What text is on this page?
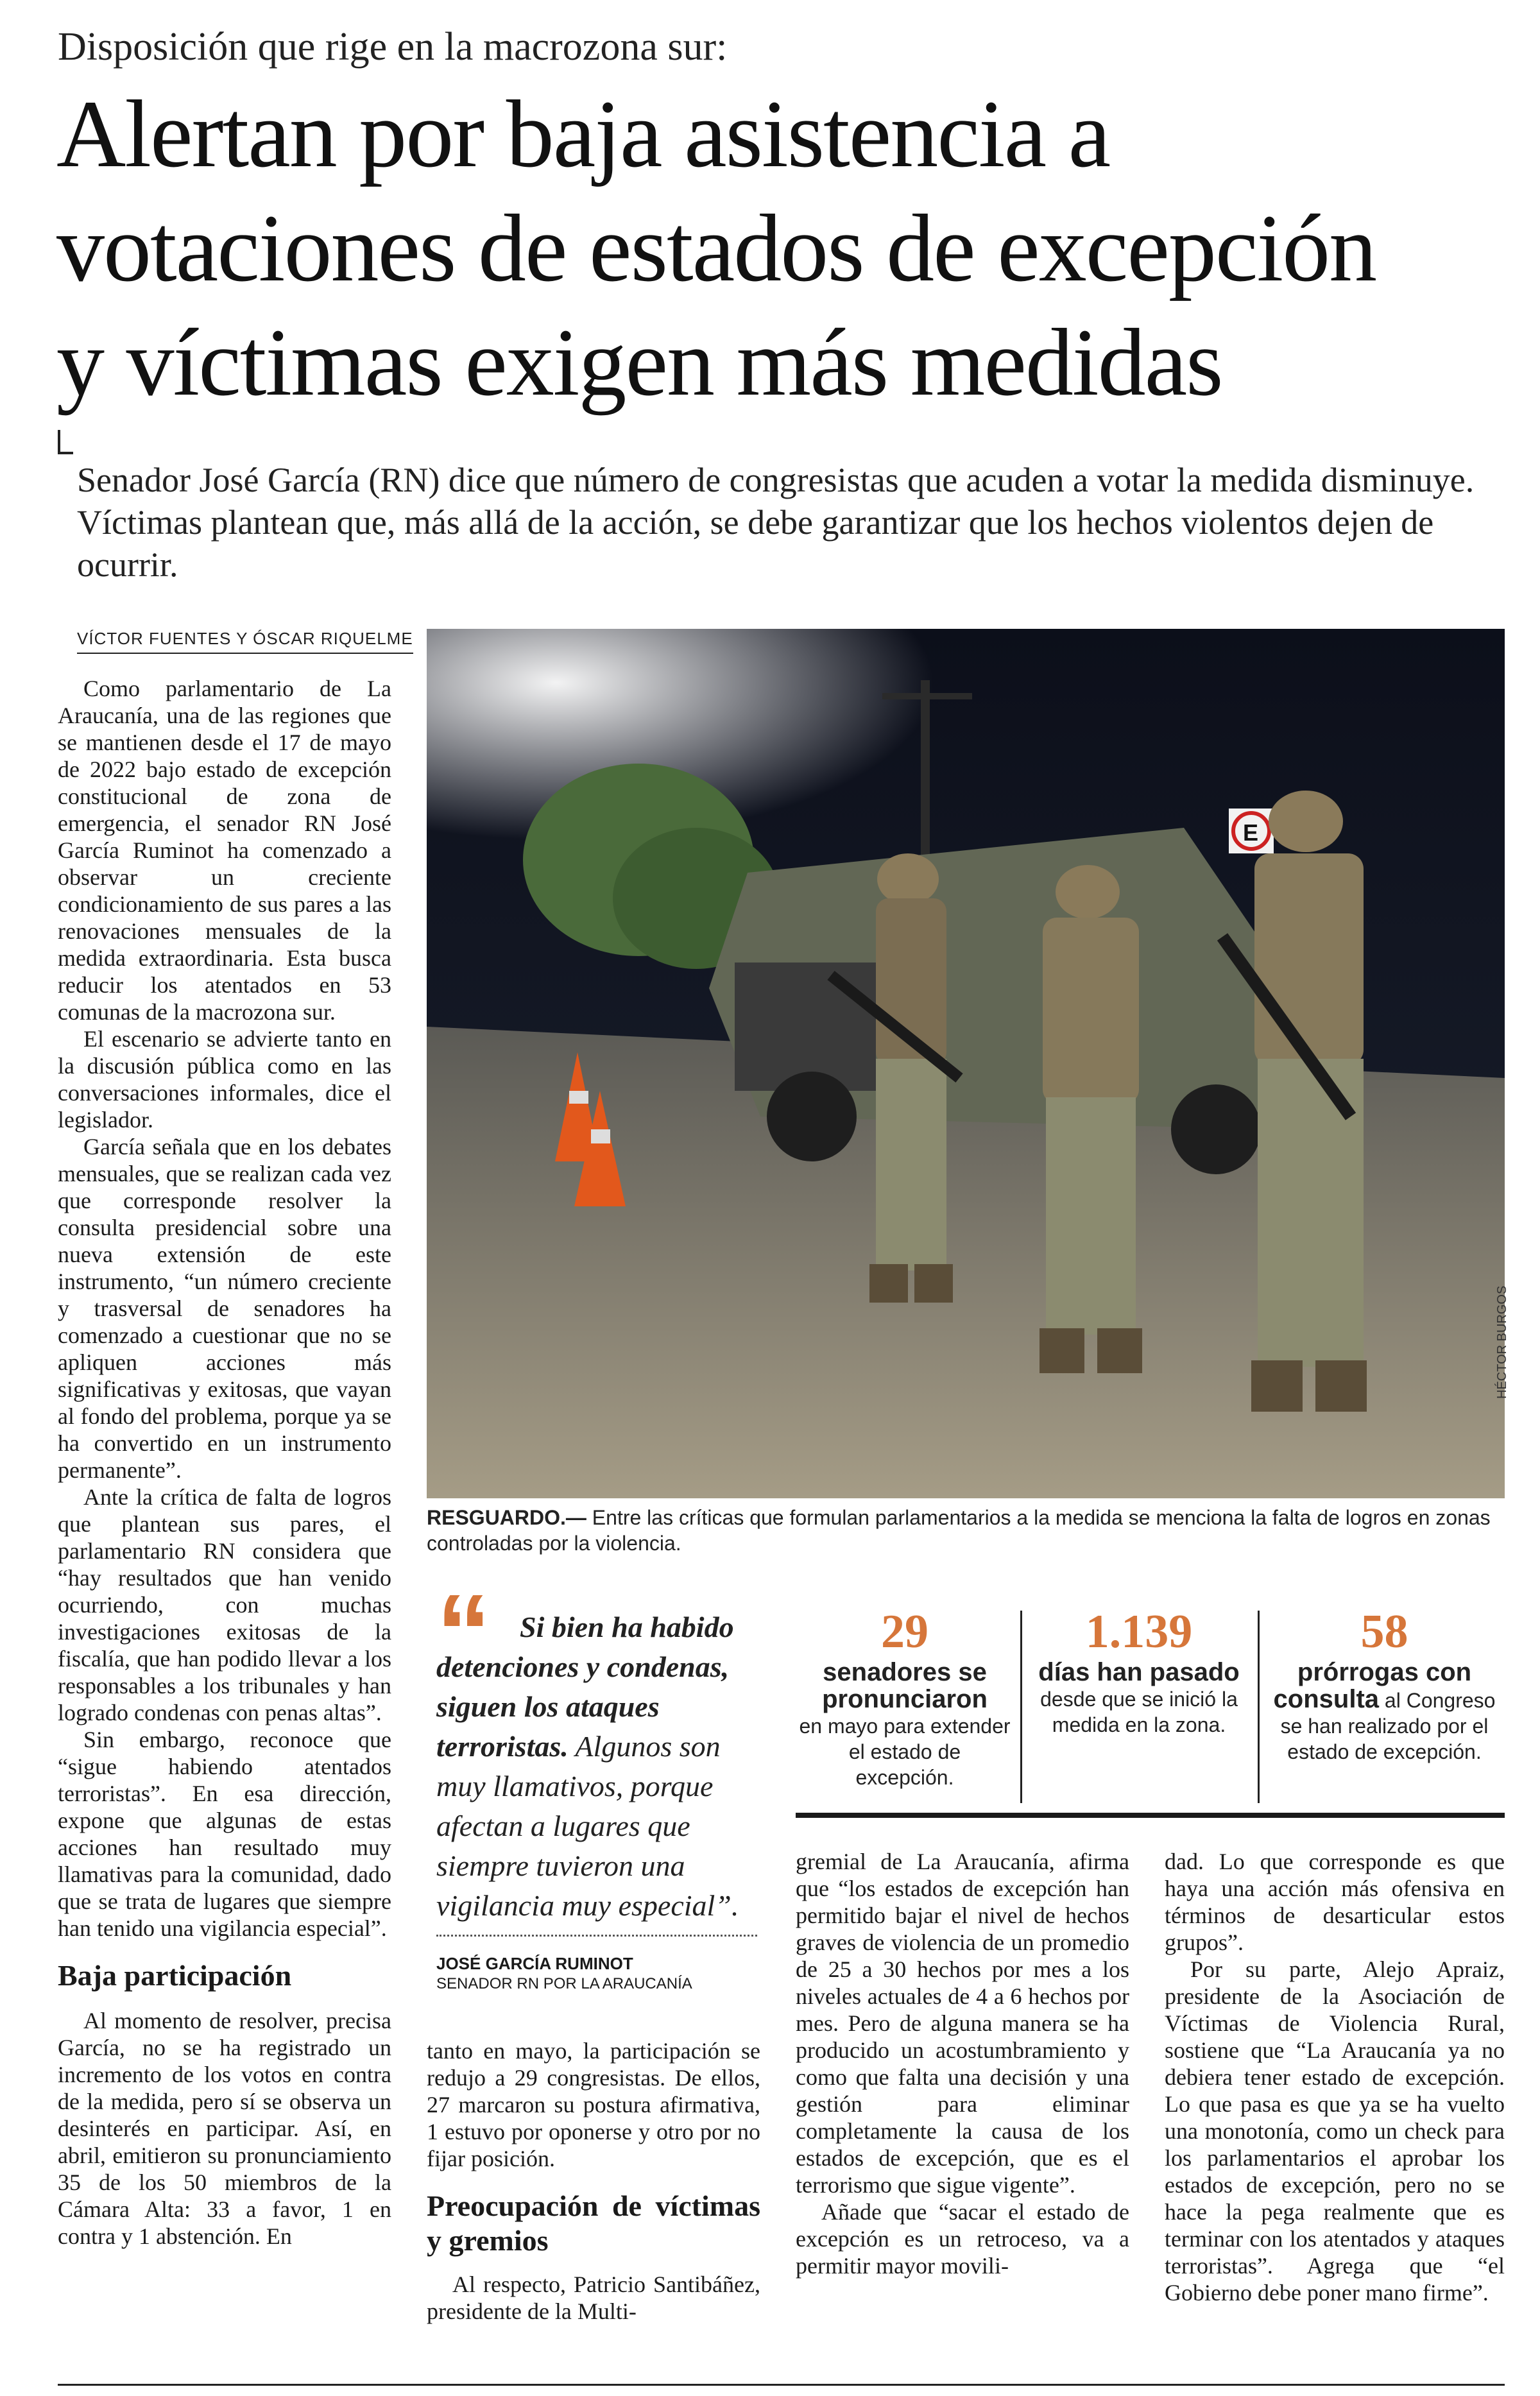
Disposición que rige en la macrozona sur:
Alertan por baja asistencia a
votaciones de estados de excepción
y víctimas exigen más medidas
Senador José García (RN) dice que número de congresistas que acuden a votar la medida disminuye. Víctimas plantean que, más allá de la acción, se debe garantizar que los hechos violentos dejen de ocurrir.
VÍCTOR FUENTES Y ÓSCAR RIQUELME

Como parlamentario de La Araucanía, una de las regiones que se mantienen desde el 17 de mayo de 2022 bajo estado de excepción constitucional de zona de emergencia, el senador RN José García Ruminot ha comenzado a observar un creciente condicionamiento de sus pares a las renovaciones mensuales de la medida extraordinaria. Esta busca reducir los atentados en 53 comunas de la macrozona sur.

El escenario se advierte tanto en la discusión pública como en las conversaciones informales, dice el legislador.

García señala que en los debates mensuales, que se realizan cada vez que corresponde resolver la consulta presidencial sobre una nueva extensión de este instrumento, “un número creciente y trasversal de senadores ha comenzado a cuestionar que no se apliquen acciones más significativas y exitosas, que vayan al fondo del problema, porque ya se ha convertido en un instrumento permanente”.

Ante la crítica de falta de logros que plantean sus pares, el parlamentario RN considera que “hay resultados que han venido ocurriendo, con muchas investigaciones exitosas de la fiscalía, que han podido llevar a los responsables a los tribunales y han logrado condenas con penas altas”.

Sin embargo, reconoce que “sigue habiendo atentados terroristas”. En esa dirección, expone que algunas de estas acciones han resultado muy llamativas para la comunidad, dado que se trata de lugares que siempre han tenido una vigilancia especial”.

Baja participación

Al momento de resolver, precisa García, no se ha registrado un incremento de los votos en contra de la medida, pero sí se observa un desinterés en participar. Así, en abril, emitieron su pronunciamiento 35 de los 50 miembros de la Cámara Alta: 33 a favor, 1 en contra y 1 abstención. En

E
HÉCTOR BURGOS
RESGUARDO.— Entre las críticas que formulan parlamentarios a la medida se menciona la falta de logros en zonas controladas por la violencia.
“ Si bien ha habido detenciones y condenas, siguen los ataques terroristas. Algunos son muy llamativos, porque afectan a lugares que siempre tuvieron una vigilancia muy especial”.
JOSÉ GARCÍA RUMINOT
SENADOR RN POR LA ARAUCANÍA
29
senadores se pronunciaron
en mayo para extender el estado de excepción.
1.139
días han pasado desde que se inició la medida en la zona.
58
prórrogas con consulta al Congreso se han realizado por el estado de excepción.

tanto en mayo, la participación se redujo a 29 congresistas. De ellos, 27 marcaron su postura afirmativa, 1 estuvo por oponerse y otro por no fijar posición.

Preocupación de víctimas y gremios

Al respecto, Patricio Santibáñez, presidente de la Multi-

gremial de La Araucanía, afirma que “los estados de excepción han permitido bajar el nivel de hechos graves de violencia de un promedio de 25 a 30 hechos por mes a los niveles actuales de 4 a 6 hechos por mes. Pero de alguna manera se ha producido un acostumbramiento y como que falta una decisión y una gestión para eliminar completamente la causa de los estados de excepción, que es el terrorismo que sigue vigente”.

Añade que “sacar el estado de excepción es un retroceso, va a permitir mayor movili-

dad. Lo que corresponde es que haya una acción más ofensiva en términos de desarticular estos grupos”.

Por su parte, Alejo Apraiz, presidente de la Asociación de Víctimas de Violencia Rural, sostiene que “La Araucanía ya no debiera tener estado de excepción. Lo que pasa es que ya se ha vuelto una monotonía, como un check para los parlamentarios el aprobar los estados de excepción, pero no se hace la pega realmente que es terminar con los atentados y ataques terroristas”. Agrega que “el Gobierno debe poner mano firme”.
